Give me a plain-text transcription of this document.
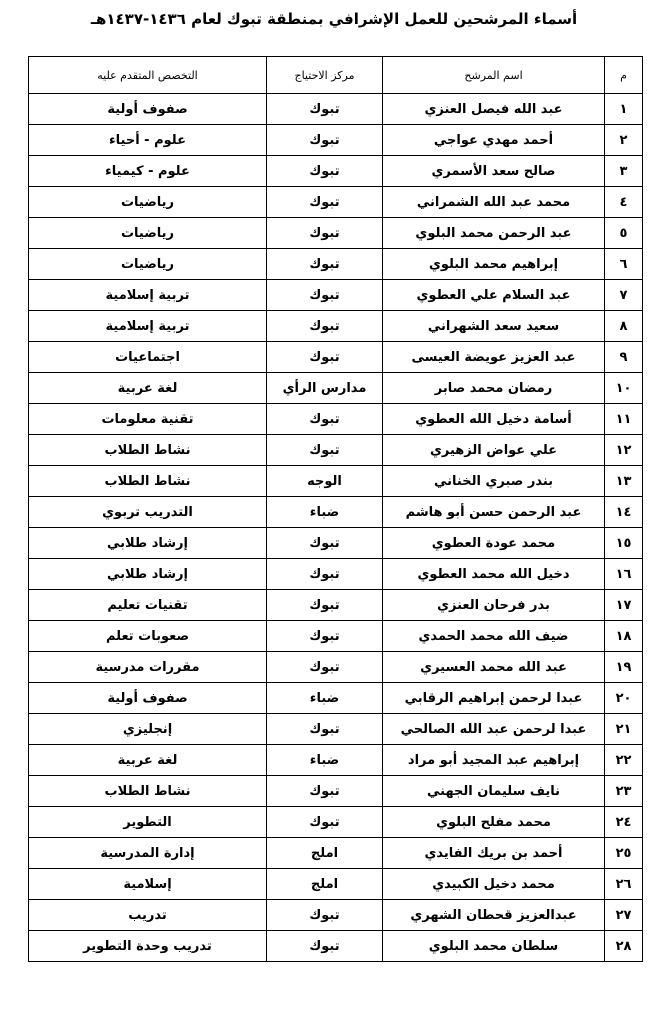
أسماء المرشحين للعمل الإشرافي بمنطقة تبوك لعام ١٤٣٦-١٤٣٧هـ
م	اسم المرشح	مركز الاحتياج	التخصص المتقدم عليه
١	عبد الله فيصل العنزي	تبوك	صفوف أولية
٢	أحمد مهدي عواجي	تبوك	علوم - أحياء
٣	صالح سعد الأسمري	تبوك	علوم - كيمياء
٤	محمد عبد الله الشمراني	تبوك	رياضيات
٥	عبد الرحمن محمد البلوي	تبوك	رياضيات
٦	إبراهيم محمد البلوي	تبوك	رياضيات
٧	عبد السلام علي العطوي	تبوك	تربية إسلامية
٨	سعيد سعد الشهراني	تبوك	تربية إسلامية
٩	عبد العزيز عويضة العيسى	تبوك	اجتماعيات
١٠	رمضان محمد صابر	مدارس الرأي	لغة عربية
١١	أسامة دخيل الله العطوي	تبوك	تقنية معلومات
١٢	علي عواض الزهيري	تبوك	نشاط الطلاب
١٣	بندر صبري الخناني	الوجه	نشاط الطلاب
١٤	عبد الرحمن حسن أبو هاشم	ضباء	التدريب تربوي
١٥	محمد عودة العطوي	تبوك	إرشاد طلابي
١٦	دخيل الله محمد العطوي	تبوك	إرشاد طلابي
١٧	بدر فرحان العنزي	تبوك	تقنيات تعليم
١٨	ضيف الله محمد الحمدي	تبوك	صعوبات تعلم
١٩	عبد الله محمد العسيري	تبوك	مقررات مدرسية
٢٠	عبدا لرحمن إبراهيم الرقابي	ضباء	صفوف أولية
٢١	عبدا لرحمن عبد الله الصالحي	تبوك	إنجليزي
٢٢	إبراهيم عبد المجيد أبو مراد	ضباء	لغة عربية
٢٣	نايف سليمان الجهني	تبوك	نشاط الطلاب
٢٤	محمد مفلح البلوي	تبوك	التطوير
٢٥	أحمد بن بريك الفايدي	املج	إدارة المدرسية
٢٦	محمد دخيل الكبيدي	املج	إسلامية
٢٧	عبدالعزيز قحطان الشهري	تبوك	تدريب
٢٨	سلطان محمد البلوي	تبوك	تدريب وحدة التطوير
